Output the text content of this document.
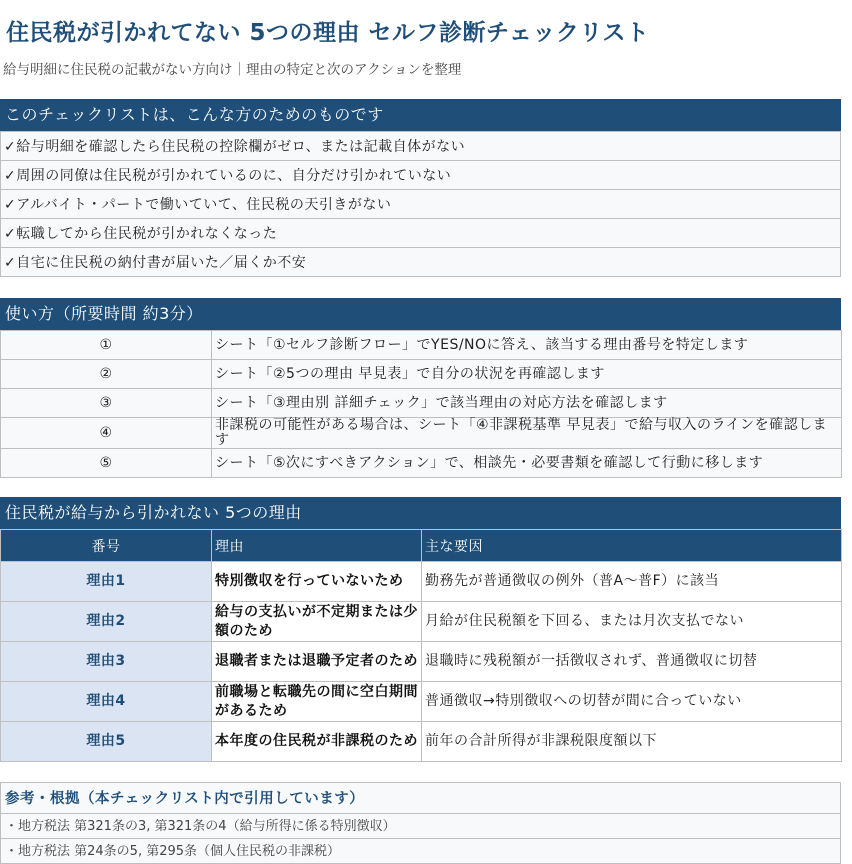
住民税が引かれてない 5つの理由 セルフ診断チェックリスト
給与明細に住民税の記載がない方向け｜理由の特定と次のアクションを整理
このチェックリストは、こんな方のためのものです
✓給与明細を確認したら住民税の控除欄がゼロ、または記載自体がない
✓周囲の同僚は住民税が引かれているのに、自分だけ引かれていない
✓アルバイト・パートで働いていて、住民税の天引きがない
✓転職してから住民税が引かれなくなった
✓自宅に住民税の納付書が届いた／届くか不安
使い方（所要時間 約3分）
①	シート「①セルフ診断フロー」でYES/NOに答え、該当する理由番号を特定します
②	シート「②5つの理由 早見表」で自分の状況を再確認します
③	シート「③理由別 詳細チェック」で該当理由の対応方法を確認します
④	非課税の可能性がある場合は、シート「④非課税基準 早見表」で給与収入のラインを確認します
⑤	シート「⑤次にすべきアクション」で、相談先・必要書類を確認して行動に移します
住民税が給与から引かれない 5つの理由
番号	理由	主な要因
理由1	特別徴収を行っていないため	勤務先が普通徴収の例外（普A～普F）に該当
理由2	給与の支払いが不定期または少額のため	月給が住民税額を下回る、または月次支払でない
理由3	退職者または退職予定者のため	退職時に残税額が一括徴収されず、普通徴収に切替
理由4	前職場と転職先の間に空白期間があるため	普通徴収→特別徴収への切替が間に合っていない
理由5	本年度の住民税が非課税のため	前年の合計所得が非課税限度額以下
参考・根拠（本チェックリスト内で引用しています）
・地方税法 第321条の3, 第321条の4（給与所得に係る特別徴収）
・地方税法 第24条の5, 第295条（個人住民税の非課税）
